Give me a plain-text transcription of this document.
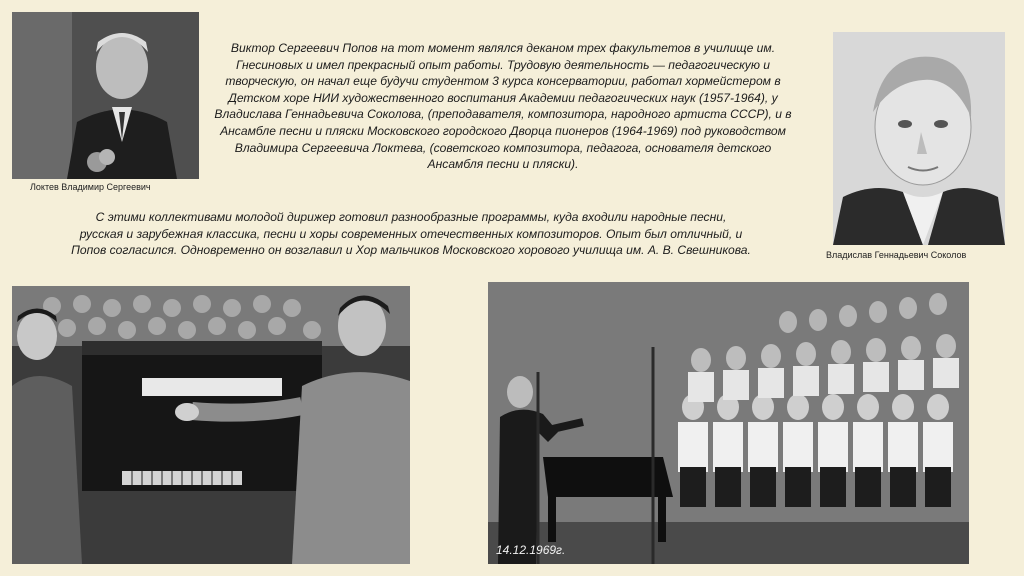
Локтев Владимир Сергеевич
Владислав Геннадьевич Соколов
Виктор Сергеевич Попов на тот момент являлся деканом трех факультетов в училище им. Гнесиновых и имел прекрасный опыт работы. Трудовую деятельность — педагогическую и творческую, он начал еще будучи студентом 3 курса консерватории, работал хормейстером в Детском хоре НИИ художественного воспитания Академии педагогических наук (1957-1964), у Владислава Геннадьевича Соколова, (преподавателя, композитора, народного артиста СССР), и в Ансамбле песни и пляски Московского городского Дворца пионеров (1964-1969) под руководством Владимира Сергеевича Локтева, (советского композитора, педагога, основателя детского Ансамбля песни и пляски).
С этими коллективами молодой дирижер готовил разнообразные программы, куда входили народные песни,
русская и зарубежная классика, песни и хоры современных отечественных композиторов. Опыт был отличный, и
Попов согласился. Одновременно он возглавил и Хор мальчиков Московского хорового училища им. А. В. Свешникова.
14.12.1969г.
